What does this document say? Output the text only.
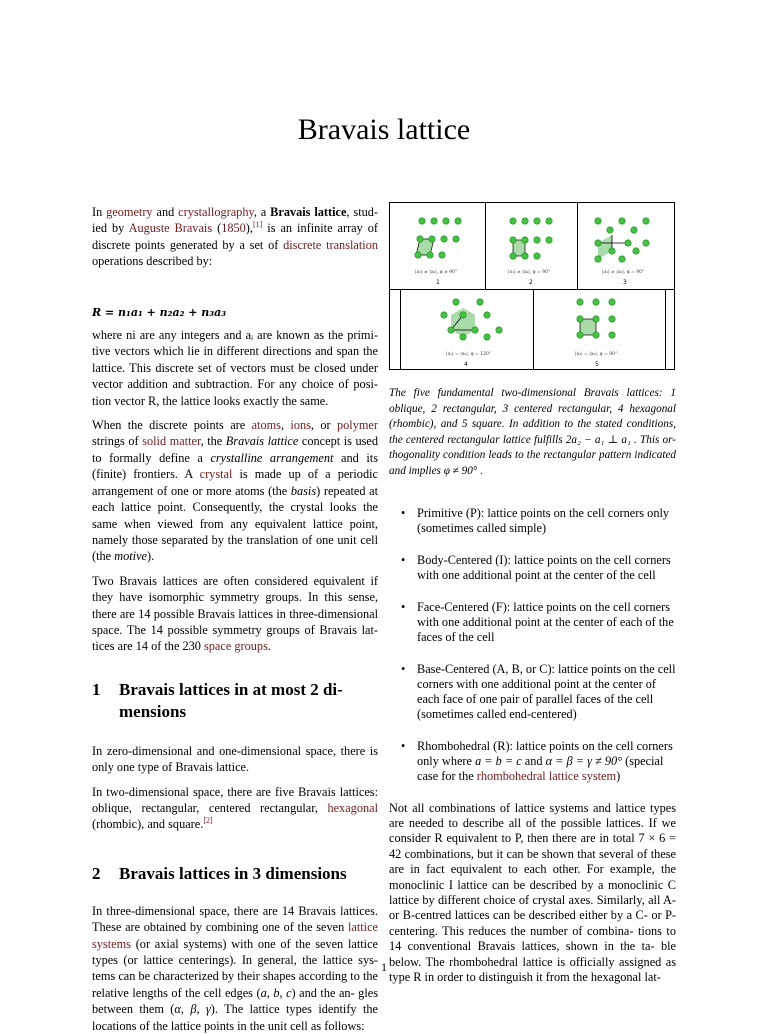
Bravais lattice

In geometry and crystallography, a Bravais lattice, stud- ied by Auguste Bravais (1850),[1] is an infinite array of discrete points generated by a set of discrete translation operations described by:

R = n₁a₁ + n₂a₂ + n₃a₃

where ni are any integers and aᵢ are known as the primi- tive vectors which lie in different directions and span the lattice. This discrete set of vectors must be closed under vector addition and subtraction. For any choice of posi- tion vector R, the lattice looks exactly the same.

When the discrete points are atoms, ions, or polymer strings of solid matter, the Bravais lattice concept is used to formally define a crystalline arrangement and its (finite) frontiers. A crystal is made up of a periodic arrangement of one or more atoms (the basis) repeated at each lattice point. Consequently, the crystal looks the same when viewed from any equivalent lattice point, namely those separated by the translation of one unit cell (the motive).

Two Bravais lattices are often considered equivalent if they have isomorphic symmetry groups. In this sense, there are 14 possible Bravais lattices in three-dimensional space. The 14 possible symmetry groups of Bravais lat- tices are 14 of the 230 space groups.

1	Bravais lattices in at most 2 di- mensions

In zero-dimensional and one-dimensional space, there is only one type of Bravais lattice.

In two-dimensional space, there are five Bravais lattices: oblique, rectangular, centered rectangular, hexagonal (rhombic), and square.[2]

2	Bravais lattices in 3 dimensions

In three-dimensional space, there are 14 Bravais lattices. These are obtained by combining one of the seven lattice systems (or axial systems) with one of the seven lattice types (or lattice centerings). In general, the lattice sys- tems can be characterized by their shapes according to the relative lengths of the cell edges (a, b, c) and the an- gles between them (α, β, γ). The lattice types identify the locations of the lattice points in the unit cell as follows:

|a₁| ≠ |a₂|, φ ≠ 90°
1
|a₁| ≠ |a₂|, φ = 90°
2
|a₁| ≠ |a₂|, φ = 90°
3
|a₁| = |a₂|, φ = 120°
4
|a₁| = |a₂|, φ = 90°
5

The five fundamental two-dimensional Bravais lattices: 1 oblique, 2 rectangular, 3 centered rectangular, 4 hexagonal (rhombic), and 5 square. In addition to the stated conditions, the centered rectangular lattice fulfills 2a₂ − a₁ ⊥ a₁ . This or- thogonality condition leads to the rectangular pattern indicated and implies φ ≠ 90° .

• Primitive (P): lattice points on the cell corners only (sometimes called simple)
• Body-Centered (I): lattice points on the cell corners with one additional point at the center of the cell
• Face-Centered (F): lattice points on the cell corners with one additional point at the center of each of the faces of the cell
• Base-Centered (A, B, or C): lattice points on the cell corners with one additional point at the center of each face of one pair of parallel faces of the cell (sometimes called end-centered)
• Rhombohedral (R): lattice points on the cell corners only where a = b = c and α = β = γ ≠ 90° (special case for the rhombohedral lattice system)

Not all combinations of lattice systems and lattice types are needed to describe all of the possible lattices. If we consider R equivalent to P, then there are in total 7 × 6 = 42 combinations, but it can be shown that several of these are in fact equivalent to each other. For example, the monoclinic I lattice can be described by a monoclinic C lattice by different choice of crystal axes. Similarly, all A- or B-centred lattices can be described either by a C- or P-centering. This reduces the number of combina- tions to 14 conventional Bravais lattices, shown in the ta- ble below. The rhombohedral lattice is officially assigned as type R in order to distinguish it from the hexagonal lat-

1
